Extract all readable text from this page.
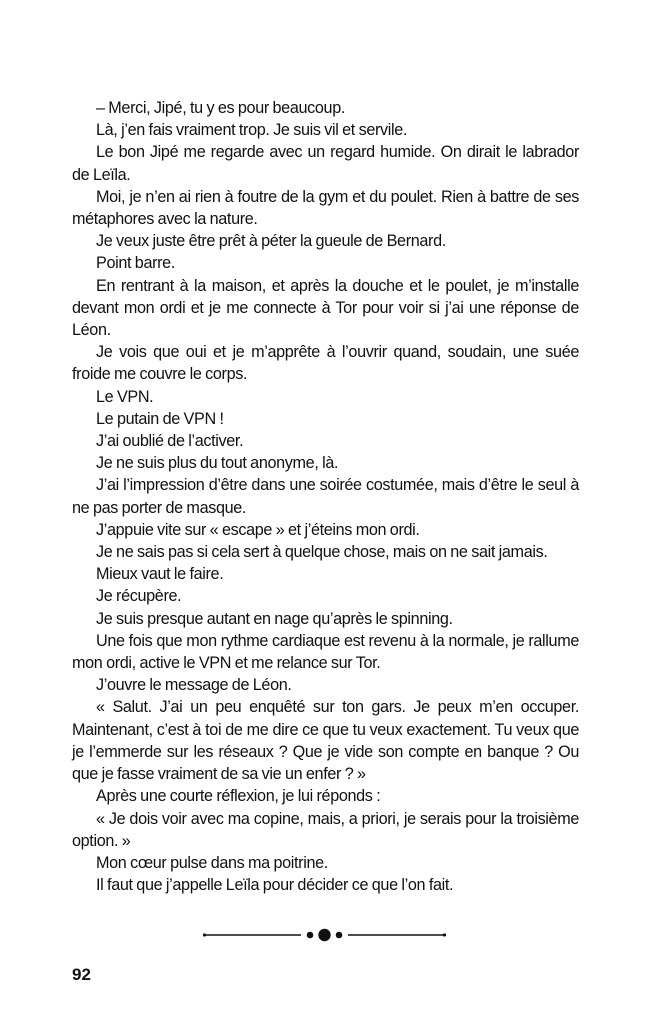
– Merci, Jipé, tu y es pour beaucoup.

Là, j’en fais vraiment trop. Je suis vil et servile.

Le bon Jipé me regarde avec un regard humide. On dirait le labrador de Leïla.

Moi, je n’en ai rien à foutre de la gym et du poulet. Rien à battre de ses métaphores avec la nature.

Je veux juste être prêt à péter la gueule de Bernard.

Point barre.

En rentrant à la maison, et après la douche et le poulet, je m’installe devant mon ordi et je me connecte à Tor pour voir si j’ai une réponse de Léon.

Je vois que oui et je m’apprête à l’ouvrir quand, soudain, une suée froide me couvre le corps.

Le VPN.

Le putain de VPN !

J’ai oublié de l’activer.

Je ne suis plus du tout anonyme, là.

J’ai l’impression d’être dans une soirée costumée, mais d’être le seul à ne pas porter de masque.

J’appuie vite sur « escape » et j’éteins mon ordi.

Je ne sais pas si cela sert à quelque chose, mais on ne sait jamais.

Mieux vaut le faire.

Je récupère.

Je suis presque autant en nage qu’après le spinning.

Une fois que mon rythme cardiaque est revenu à la normale, je rallume mon ordi, active le VPN et me relance sur Tor.

J’ouvre le message de Léon.

« Salut. J’ai un peu enquêté sur ton gars. Je peux m’en occuper. Maintenant, c’est à toi de me dire ce que tu veux exactement. Tu veux que je l’emmerde sur les réseaux ? Que je vide son compte en banque ? Ou que je fasse vraiment de sa vie un enfer ? »

Après une courte réflexion, je lui réponds :

« Je dois voir avec ma copine, mais, a priori, je serais pour la troisième option. »

Mon cœur pulse dans ma poitrine.

Il faut que j’appelle Leïla pour décider ce que l’on fait.

92
